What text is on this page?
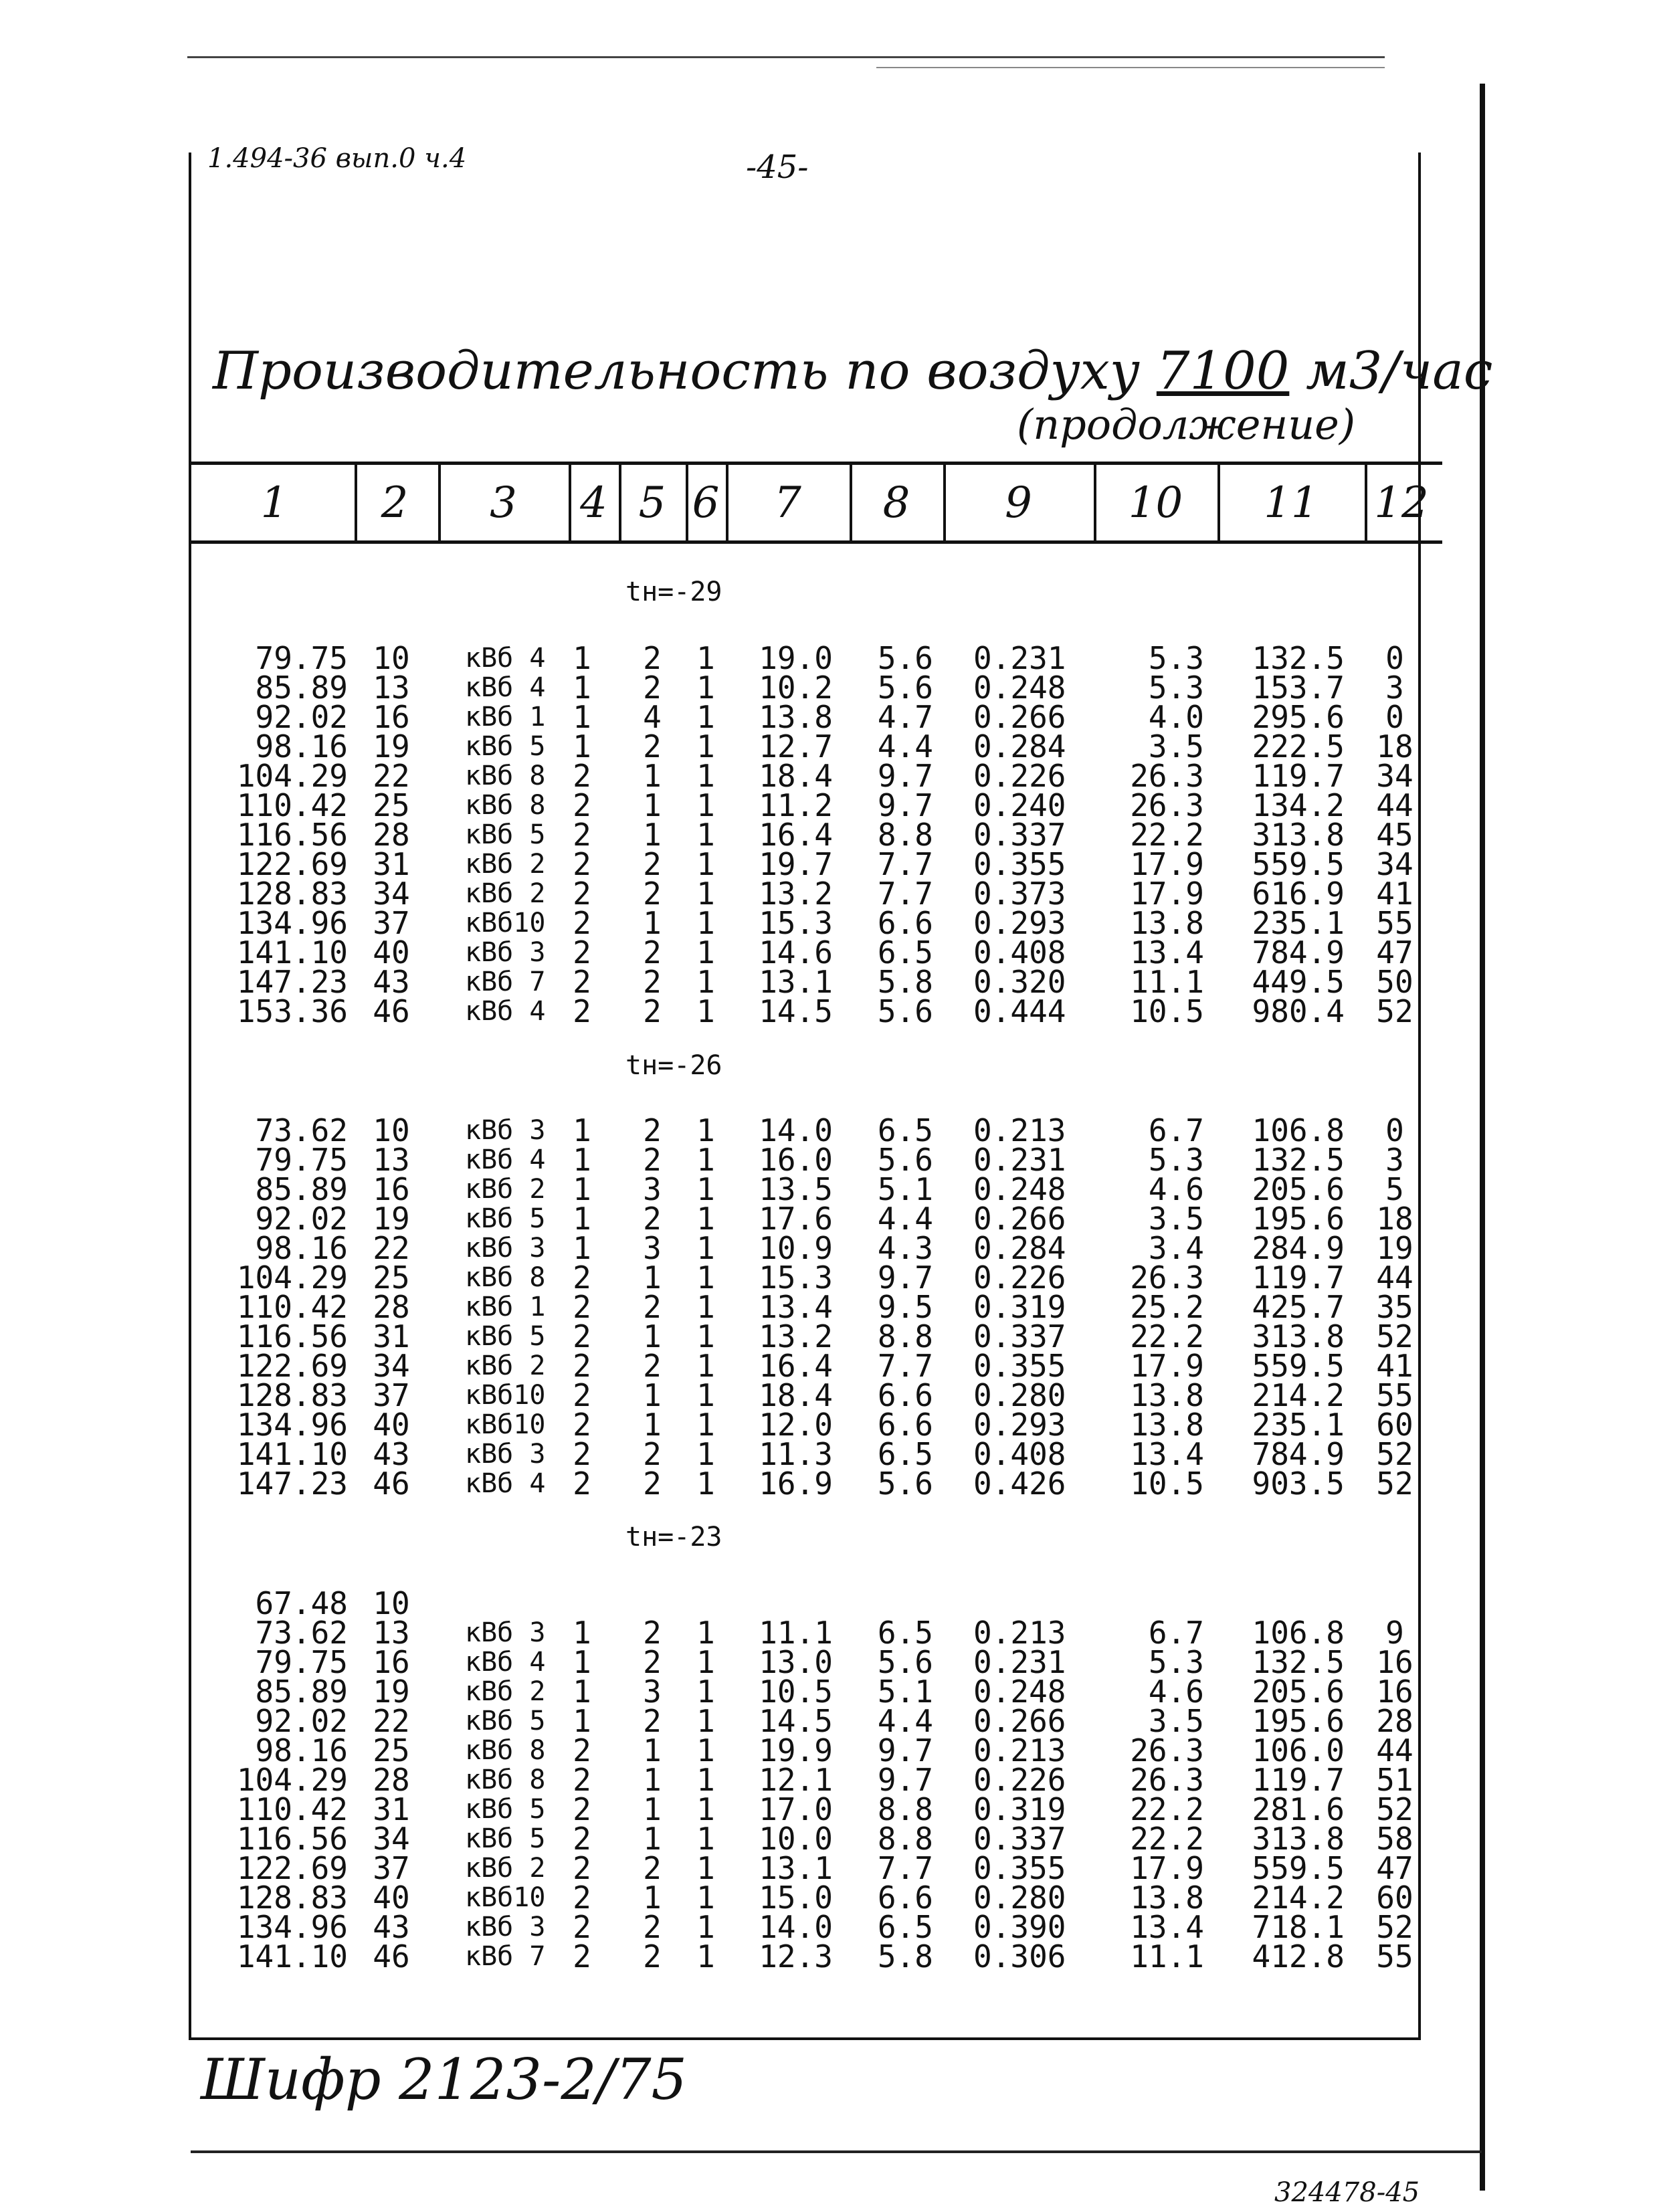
1.494-36 вып.0 ч.4	-45-
Производительность по воздуху 7100 м3/час
(продолжение)
1	2	3	4 5 6	7	8	9	10	11	12
tн=-29
79.75 10	кВб 4 1	2	1	19.0	5.6 0.231	5.3	132.5	0
85.89 13	кВб 4 1	2	1	10.2	5.6 0.248	5.3	153.7	3
92.02 16	кВб 1 1	4	1	13.8	4.7 0.266	4.0	295.6	0
98.16 19	кВб 5 1	2	1	12.7	4.4 0.284	3.5	222.5	18
104.29 22	кВб 8 2	1	1	18.4	9.7 0.226	26.3	119.7	34
110.42 25	кВб 8 2	1	1	11.2	9.7 0.240	26.3	134.2	44
116.56 28	кВб 5 2	1	1	16.4	8.8 0.337	22.2	313.8	45
122.69 31	кВб 2 2	2	1	19.7	7.7 0.355	17.9	559.5	34
128.83 34	кВб 2 2	2	1	13.2	7.7 0.373	17.9	616.9	41
134.96 37	кВб10 2	1	1	15.3	6.6 0.293	13.8	235.1	55
141.10 40	кВб 3 2	2	1	14.6	6.5 0.408	13.4	784.9	47
147.23 43	кВб 7 2	2	1	13.1	5.8 0.320	11.1	449.5	50
153.36 46	кВб 4 2	2	1	14.5	5.6 0.444	10.5	980.4	52
tн=-26
73.62 10	кВб 3 1	2	1	14.0	6.5 0.213	6.7	106.8	0
79.75 13	кВб 4 1	2	1	16.0	5.6 0.231	5.3	132.5	3
85.89 16	кВб 2 1	3	1	13.5	5.1 0.248	4.6	205.6	5
92.02 19	кВб 5 1	2	1	17.6	4.4 0.266	3.5	195.6	18
98.16 22	кВб 3 1	3	1	10.9	4.3 0.284	3.4	284.9	19
104.29 25	кВб 8 2	1	1	15.3	9.7 0.226	26.3	119.7	44
110.42 28	кВб 1 2	2	1	13.4	9.5 0.319	25.2	425.7	35
116.56 31	кВб 5 2	1	1	13.2	8.8 0.337	22.2	313.8	52
122.69 34	кВб 2 2	2	1	16.4	7.7 0.355	17.9	559.5	41
128.83 37	кВб10 2	1	1	18.4	6.6 0.280	13.8	214.2	55
134.96 40	кВб10 2	1	1	12.0	6.6 0.293	13.8	235.1	60
141.10 43	кВб 3 2	2	1	11.3	6.5 0.408	13.4	784.9	52
147.23 46	кВб 4 2	2	1	16.9	5.6 0.426	10.5	903.5	52
tн=-23
67.48 10
73.62 13	кВб 3 1	2	1	11.1	6.5 0.213	6.7	106.8	9
79.75 16	кВб 4 1	2	1	13.0	5.6 0.231	5.3	132.5	16
85.89 19	кВб 2 1	3	1	10.5	5.1 0.248	4.6	205.6	16
92.02 22	кВб 5 1	2	1	14.5	4.4 0.266	3.5	195.6	28
98.16 25	кВб 8 2	1	1	19.9	9.7 0.213	26.3	106.0	44
104.29 28	кВб 8 2	1	1	12.1	9.7 0.226	26.3	119.7	51
110.42 31	кВб 5 2	1	1	17.0	8.8 0.319	22.2	281.6	52
116.56 34	кВб 5 2	1	1	10.0	8.8 0.337	22.2	313.8	58
122.69 37	кВб 2 2	2	1	13.1	7.7 0.355	17.9	559.5	47
128.83 40	кВб10 2	1	1	15.0	6.6 0.280	13.8	214.2	60
134.96 43	кВб 3 2	2	1	14.0	6.5 0.390	13.4	718.1	52
141.10 46	кВб 7 2	2	1	12.3	5.8 0.306	11.1	412.8	55
Шифр 2123-2/75
324478-45
